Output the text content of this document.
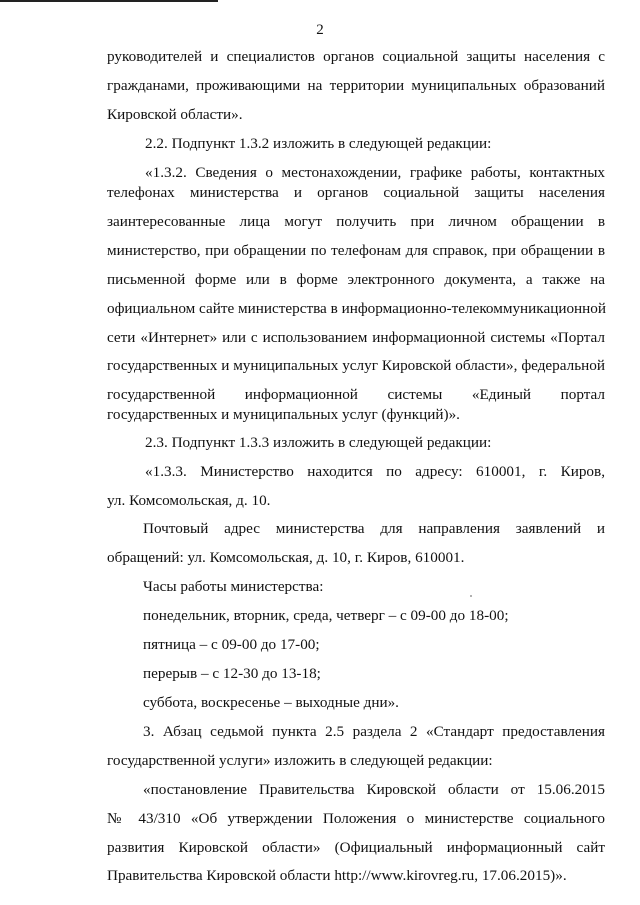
2
руководителей и специалистов органов социальной защиты населения с
гражданами, проживающими на территории муниципальных образований
Кировской области».
2.2. Подпункт 1.3.2 изложить в следующей редакции:
«1.3.2. Сведения о местонахождении, графике работы, контактных
телефонах министерства и органов социальной защиты населения
заинтересованные лица могут получить при личном обращении в
министерство, при обращении по телефонам для справок, при обращении в
письменной форме или в форме электронного документа, а также на
официальном сайте министерства в информационно-телекоммуникационной
сети «Интернет» или с использованием информационной системы «Портал
государственных и муниципальных услуг Кировской области», федеральной
государственной информационной системы «Единый портал
государственных и муниципальных услуг (функций)».
2.3. Подпункт 1.3.3 изложить в следующей редакции:
«1.3.3. Министерство находится по адресу: 610001, г. Киров,
ул. Комсомольская, д. 10.
Почтовый адрес министерства для направления заявлений и
обращений: ул. Комсомольская, д. 10, г. Киров, 610001.
Часы работы министерства:
понедельник, вторник, среда, четверг – с 09-00 до 18-00;
пятница – с 09-00 до 17-00;
перерыв – с 12-30 до 13-18;
суббота, воскресенье – выходные дни».
3. Абзац седьмой пункта 2.5 раздела 2 «Стандарт предоставления
государственной услуги» изложить в следующей редакции:
«постановление Правительства Кировской области от 15.06.2015
№ 43/310 «Об утверждении Положения о министерстве социального
развития Кировской области» (Официальный информационный сайт
Правительства Кировской области http://www.kirovreg.ru, 17.06.2015)».
